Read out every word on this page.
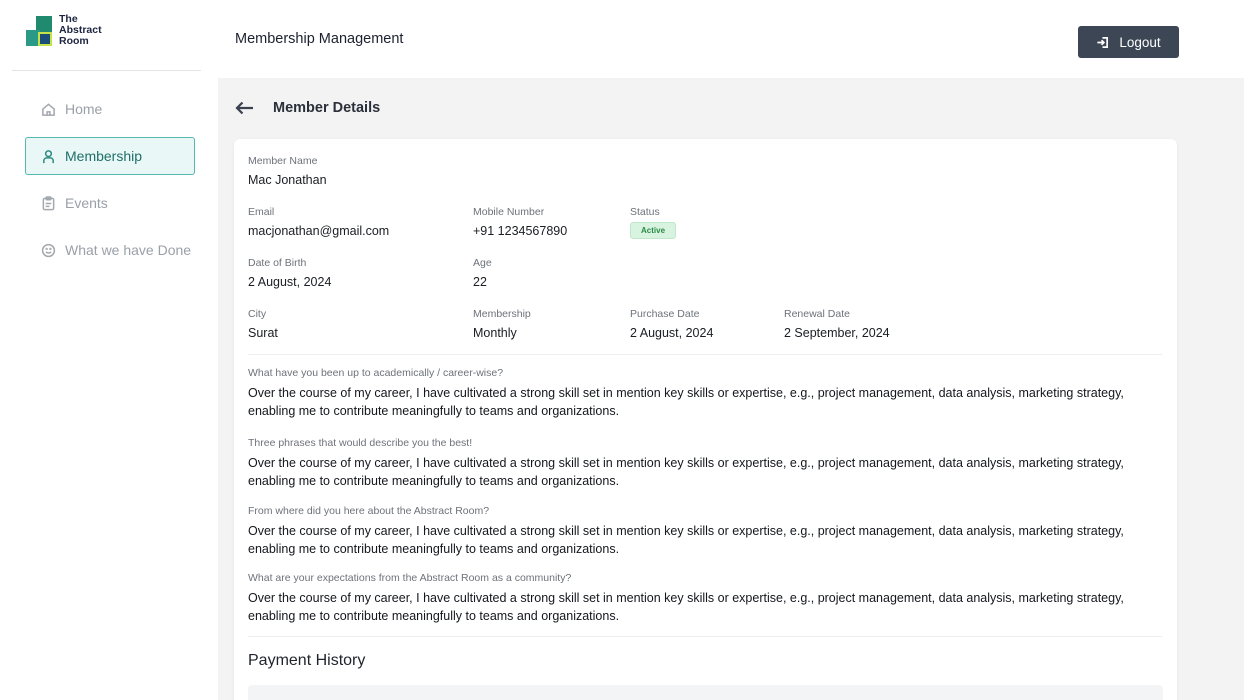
The
Abstract
Room
Home
Membership
Events
What we have Done
Membership Management	Logout
Member Details
Member Name
Mac Jonathan
Email
macjonathan@gmail.com
Mobile Number
+91 1234567890
Status
Active
Date of Birth
2 August, 2024
Age
22
City
Surat
Membership
Monthly
Purchase Date
2 August, 2024
Renewal Date
2 September, 2024
What have you been up to academically / career-wise?
Over the course of my career, I have cultivated a strong skill set in mention key skills or expertise, e.g., project management, data analysis, marketing strategy, enabling me to contribute meaningfully to teams and organizations.
Three phrases that would describe you the best!
Over the course of my career, I have cultivated a strong skill set in mention key skills or expertise, e.g., project management, data analysis, marketing strategy, enabling me to contribute meaningfully to teams and organizations.
From where did you here about the Abstract Room?
Over the course of my career, I have cultivated a strong skill set in mention key skills or expertise, e.g., project management, data analysis, marketing strategy, enabling me to contribute meaningfully to teams and organizations.
What are your expectations from the Abstract Room as a community?
Over the course of my career, I have cultivated a strong skill set in mention key skills or expertise, e.g., project management, data analysis, marketing strategy, enabling me to contribute meaningfully to teams and organizations.
Payment History
